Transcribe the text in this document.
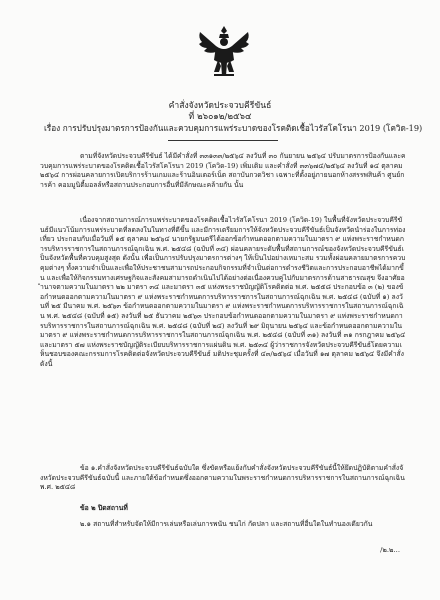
คำสั่งจังหวัดประจวบคีรีขันธ์
ที่ ๒๖๐๑๒/๒๕๖๔
เรื่อง การปรับปรุงมาตรการป้องกันและควบคุมการแพร่ระบาดของโรคติดเชื้อไวรัสโคโรนา 2019 (โควิด-19)

ตามที่จังหวัดประจวบคีรีขันธ์ ได้มีคำสั่งที่ ๓๓๑๓๓/๒๕๖๔ ลงวันที่ ๓๐ กันยายน ๒๕๖๔ ปรับมาตรการป้องกันและควบคุมการแพร่ระบาดของโรคติดเชื้อไวรัสโคโรนา 2019 (โควิด-19) เพิ่มเติม และคำสั่งที่ ๓๓๖๗๔/๒๕๖๔ ลงวันที่ ๑๔ ตุลาคม ๒๕๖๔ การผ่อนคลายการเปิดบริการร้านเกมและร้านอินเตอร์เน็ต สถาบันกวดวิชา เฉพาะที่ตั้งอยู่ภายนอกห้างสรรพสินค้า ศูนย์การค้า คอมมูนิตี้มอลล์หรือสถานประกอบการอื่นที่มีลักษณะคล้ายกัน นั้น

เนื่องจากสถานการณ์การแพร่ระบาดของโรคติดเชื้อไวรัสโคโรนา 2019 (โควิด-19) ในพื้นที่จังหวัดประจวบคีรีขันธ์มีแนวโน้มการแพร่ระบาดที่ลดลงในในทางที่ดีขึ้น และมีการเตรียมการให้จังหวัดประจวบคีรีขันธ์เป็นจังหวัดนำร่องในการท่องเที่ยว ประกอบกับเมื่อวันที่ ๑๕ ตุลาคม ๒๕๖๔ นายกรัฐมนตรีได้ออกข้อกำหนดออกตามความในมาตรา ๙ แห่งพระราชกำหนดการบริหารราชการในสถานการณ์ฉุกเฉิน พ.ศ. ๒๕๔๘ (ฉบับที่ ๓๔) ผ่อนคลายระดับพื้นที่สถานการณ์ของจังหวัดประจวบคีรีขันธ์เป็นจังหวัดพื้นที่ควบคุมสูงสุด ดังนั้น เพื่อเป็นการปรับปรุงมาตรการต่างๆ ให้เป็นไปอย่างเหมาะสม รวมทั้งผ่อนคลายมาตรการควบคุมต่างๆ ทั้งความจำเป็นและเพื่อให้ประชาชนสามารถประกอบกิจกรรมที่จำเป็นต่อการดำรงชีวิตและการประกอบอาชีพได้มากขึ้น และเพื่อให้กิจกรรมทางเศรษฐกิจและสังคมสามารถดำเนินไปได้อย่างต่อเนื่องควบคู่ไปกับมาตรการด้านสาธารณสุข จึงอาศัยอำนาจตามความในมาตรา ๒๒ มาตรา ๓๔ และมาตรา ๓๕ แห่งพระราชบัญญัติโรคติดต่อ พ.ศ. ๒๕๕๘ ประกอบข้อ ๓ (๒) ของข้อกำหนดออกตามความในมาตรา ๙ แห่งพระราชกำหนดการบริหารราชการในสถานการณ์ฉุกเฉิน พ.ศ. ๒๕๔๘ (ฉบับที่ ๑) ลงวันที่ ๒๕ มีนาคม พ.ศ. ๒๕๖๓ ข้อกำหนดออกตามความในมาตรา ๙ แห่งพระราชกำหนดการบริหารราชการในสถานการณ์ฉุกเฉิน พ.ศ. ๒๕๔๘ (ฉบับที่ ๑๕) ลงวันที่ ๒๕ ธันวาคม ๒๕๖๓ ประกอบข้อกำหนดออกตามความในมาตรา ๙ แห่งพระราชกำหนดการบริหารราชการในสถานการณ์ฉุกเฉิน พ.ศ. ๒๕๔๘ (ฉบับที่ ๒๔) ลงวันที่ ๒๙ มิถุนายน ๒๕๖๔ และข้อกำหนดออกตามความในมาตรา ๙ แห่งพระราชกำหนดการบริหารราชการในสถานการณ์ฉุกเฉิน พ.ศ. ๒๕๔๘ (ฉบับที่ ๓๑) ลงวันที่ ๓๑ กรกฎาคม ๒๕๖๔ และมาตรา ๕๗ แห่งพระราชบัญญัติระเบียบบริหารราชการแผ่นดิน พ.ศ. ๒๕๓๔ ผู้ว่าราชการจังหวัดประจวบคีรีขันธ์โดยความเห็นชอบของคณะกรรมการโรคติดต่อจังหวัดประจวบคีรีขันธ์ มติประชุมครั้งที่ ๔๓/๒๕๖๔ เมื่อวันที่ ๑๗ ตุลาคม ๒๕๖๔ จึงมีคำสั่ง ดังนี้

ข้อ ๑.คำสั่งจังหวัดประจวบคีรีขันธ์ฉบับใด ซึ่งขัดหรือแย้งกับคำสั่งจังหวัดประจวบคีรีขันธ์นี้ให้ยึดปฏิบัติตามคำสั่งจังหวัดประจวบคีรีขันธ์ฉบับนี้ และภายใต้ข้อกำหนดซึ่งออกตามความในพระราชกำหนดการบริหารราชการในสถานการณ์ฉุกเฉิน พ.ศ. ๒๕๔๘

ข้อ ๒ ปิดสถานที่

๒.๑ สถานที่สำหรับจัดให้มีการเล่นหรือเล่นการพนัน ชนไก่ กัดปลา และสถานที่อื่นใดในทำนองเดียวกัน

/๒.๒...
